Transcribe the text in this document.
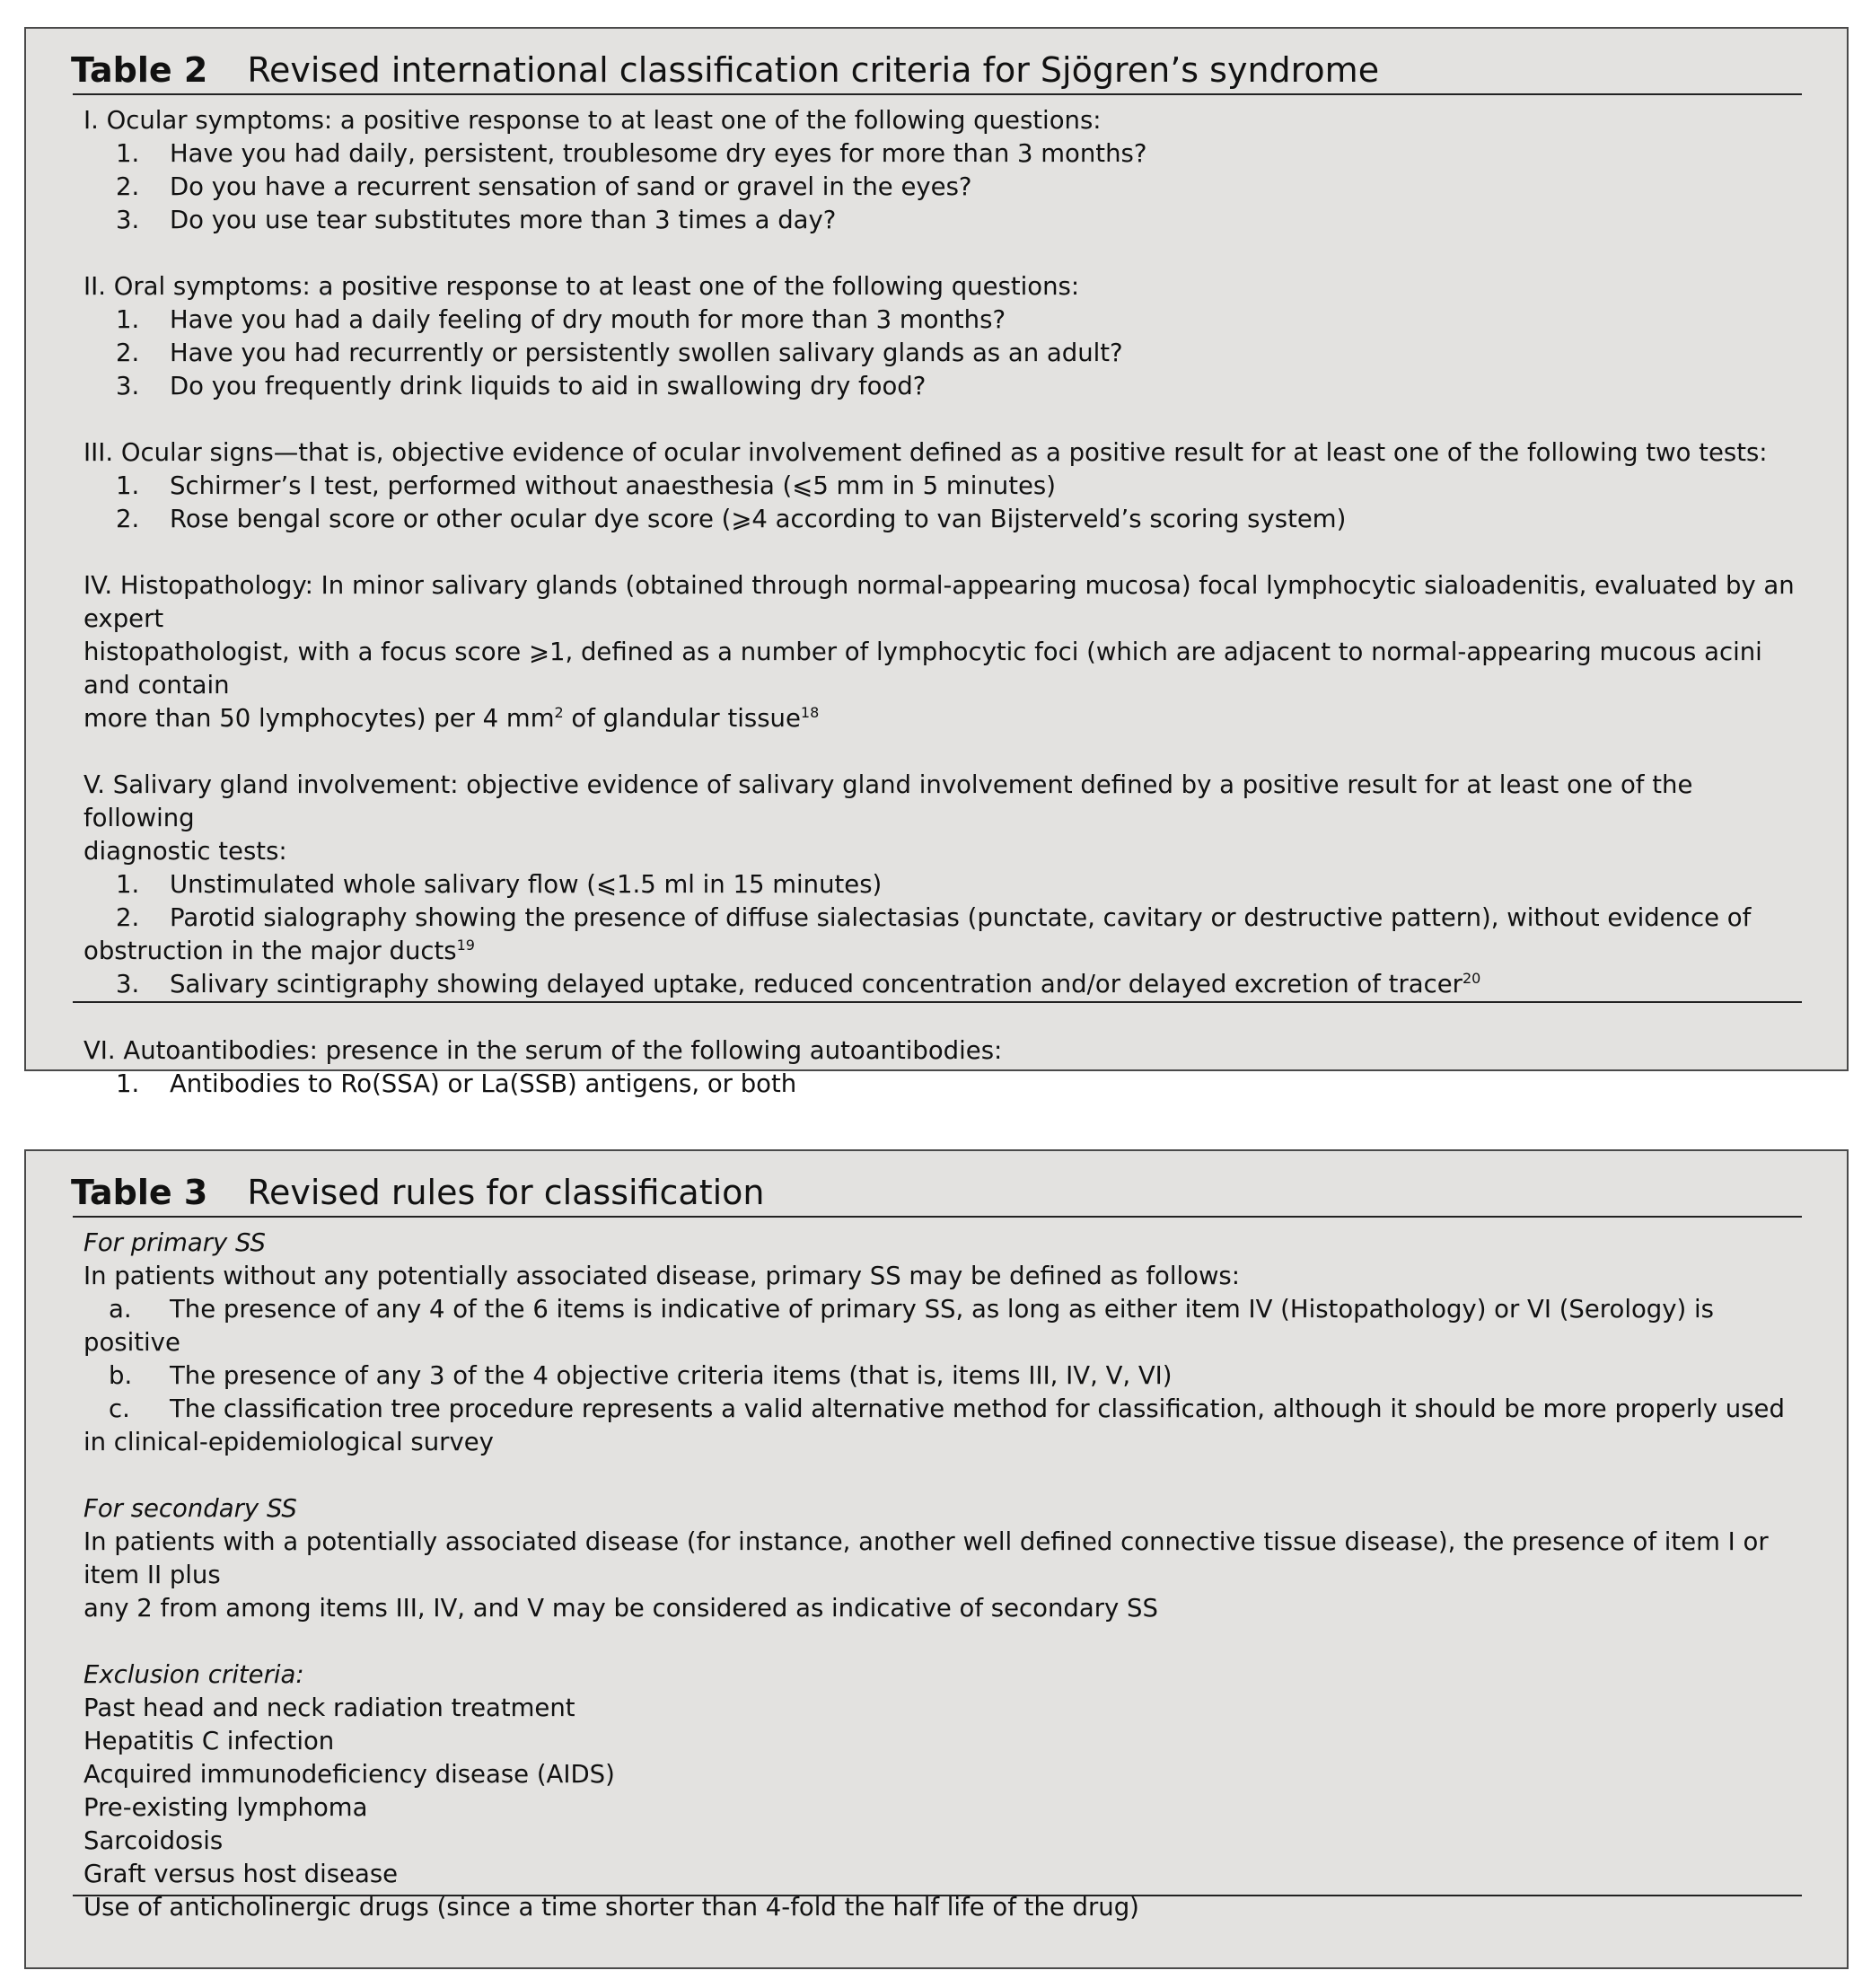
Table 2 Revised international classification criteria for Sjögren’s syndrome

I. Ocular symptoms: a positive response to at least one of the following questions:

1. Have you had daily, persistent, troublesome dry eyes for more than 3 months?

2. Do you have a recurrent sensation of sand or gravel in the eyes?

3. Do you use tear substitutes more than 3 times a day?

II. Oral symptoms: a positive response to at least one of the following questions:

1. Have you had a daily feeling of dry mouth for more than 3 months?

2. Have you had recurrently or persistently swollen salivary glands as an adult?

3. Do you frequently drink liquids to aid in swallowing dry food?

III. Ocular signs—that is, objective evidence of ocular involvement defined as a positive result for at least one of the following two tests:

1. Schirmer’s I test, performed without anaesthesia (⩽5 mm in 5 minutes)

2. Rose bengal score or other ocular dye score (⩾4 according to van Bijsterveld’s scoring system)

IV. Histopathology: In minor salivary glands (obtained through normal-appearing mucosa) focal lymphocytic sialoadenitis, evaluated by an expert

histopathologist, with a focus score ⩾1, defined as a number of lymphocytic foci (which are adjacent to normal-appearing mucous acini and contain

more than 50 lymphocytes) per 4 $mm^2$ of glandular tissue$^{18}$

V. Salivary gland involvement: objective evidence of salivary gland involvement defined by a positive result for at least one of the following

diagnostic tests:

1. Unstimulated whole salivary flow (⩽1.5 ml in 15 minutes)

2. Parotid sialography showing the presence of diffuse sialectasias (punctate, cavitary or destructive pattern), without evidence of

obstruction in the major ducts$^{19}$

3. Salivary scintigraphy showing delayed uptake, reduced concentration and/or delayed excretion of tracer$^{20}$

VI. Autoantibodies: presence in the serum of the following autoantibodies:

1. Antibodies to Ro(SSA) or La(SSB) antigens, or both

Table 3 Revised rules for classification

For primary SS

In patients without any potentially associated disease, primary SS may be defined as follows:

a. The presence of any 4 of the 6 items is indicative of primary SS, as long as either item IV (Histopathology) or VI (Serology) is

positive

b. The presence of any 3 of the 4 objective criteria items (that is, items III, IV, V, VI)

c. The classification tree procedure represents a valid alternative method for classification, although it should be more properly used

in clinical-epidemiological survey

For secondary SS

In patients with a potentially associated disease (for instance, another well defined connective tissue disease), the presence of item I or item II plus

any 2 from among items III, IV, and V may be considered as indicative of secondary SS

Exclusion criteria:

Past head and neck radiation treatment

Hepatitis C infection

Acquired immunodeficiency disease (AIDS)

Pre-existing lymphoma

Sarcoidosis

Graft versus host disease

Use of anticholinergic drugs (since a time shorter than 4-fold the half life of the drug)
